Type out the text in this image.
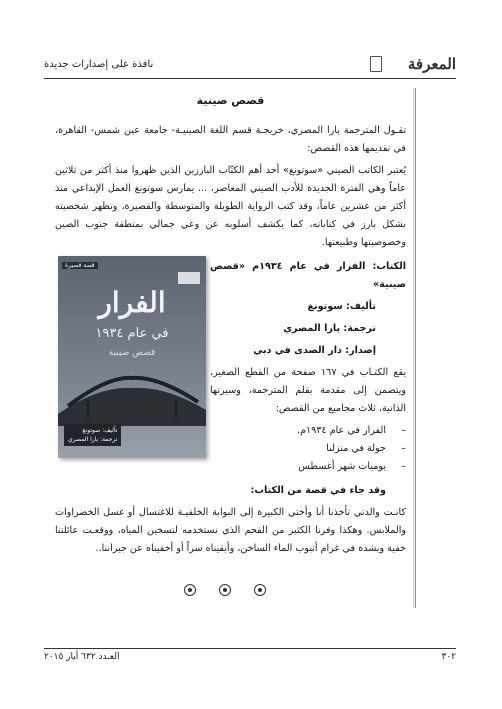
المعرفة
نافذة على إصدارات جديدة
قصص صينية

تقـول المترجمة يارا المصري، خريجـة قسم اللغة الصينيـة- جامعة عين شمس- القاهرة، في تقديمها هذه القصص:

يُعتبر الكاتب الصيني «سوتونغ» أحد أهم الكتّاب البارزين الذين ظهروا منذ أكثر من ثلاثين عاماً وهي الفترة الجديدة للأدب الصيني المعاصر، ... يمارس سوتونغ العمل الإبداعي منذ أكثر من عشرين عاماً، وقد كتب الرواية الطويلة والمتوسطة والقصيرة، وتظهر شخصيته بشكل بارز في كتاباته، كما يكشف أسلوبه عن وعي جمالي بمنطقة جنوب الصين وخصوصيتها وطبيعتها.

الكتاب: الفرار في عام ١٩٣٤م «قصص صينية»

تأليف: سوتونغ

ترجمة: يارا المصري

إصدار: دار الصدى في دبي

يقع الكتـاب في ١٦٧ صفحة من القطع الصغير، ويتضمن إلى مقدمة بقلم المترجمة، وسيرتها الذاتية، ثلاث مجاميع من القصص:

– الفرار في عام ١٩٣٤م.
– جولة في منزلنا
– يوميات شهر أغسطس

وقد جاء في قصة من الكتاب:

كانـت والدتي تأخذنا أنا وأختي الكبيرة إلى البوابة الخلفيـة للاغتسال أو غسل الخضراوات والملابس. وهكذا وفرنا الكثير من الفحم الذي نستخدمه لتسخين المياه، ووقعـت عائلتنا خفية وبشدة في غرام أنبوب الماء الساخن، وأبقيناه سراً أو أخفيناه عن جيراننا..

قصة قصيرة
الفرار
في عام ١٩٣٤
قصص صينية
تأليف: سوتونغ
ترجمة: يارا المصري

٣٠٢
العـدد ٦٣٢ أيار ٢٠١٥
